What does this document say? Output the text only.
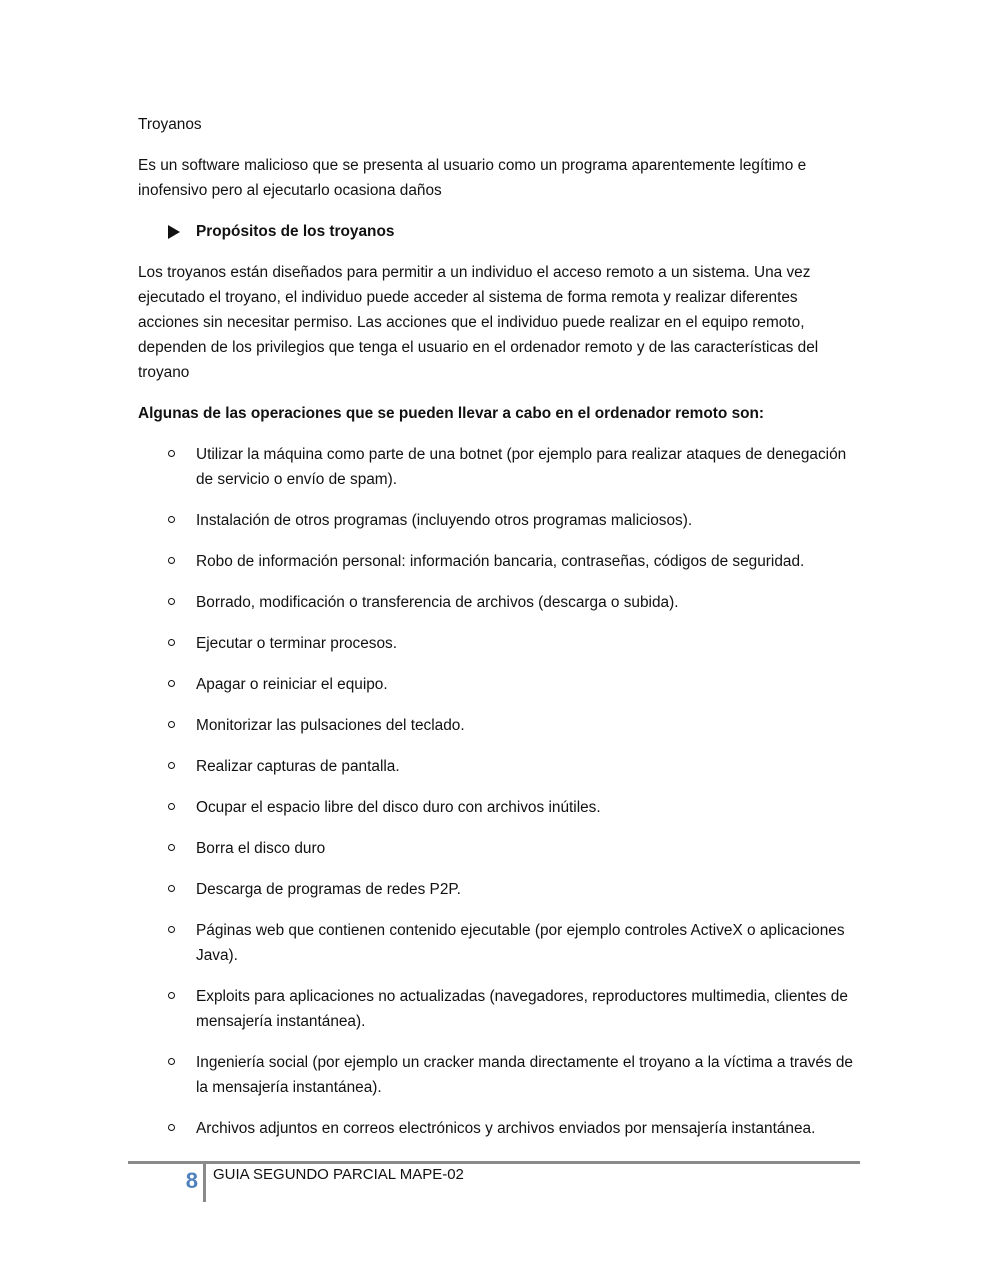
Troyanos

Es un software malicioso que se presenta al usuario como un programa aparentemente legítimo e inofensivo pero al ejecutarlo ocasiona daños

Propósitos de los troyanos

Los troyanos están diseñados para permitir a un individuo el acceso remoto a un sistema. Una vez ejecutado el troyano, el individuo puede acceder al sistema de forma remota y realizar diferentes acciones sin necesitar permiso. Las acciones que el individuo puede realizar en el equipo remoto, dependen de los privilegios que tenga el usuario en el ordenador remoto y de las características del troyano

Algunas de las operaciones que se pueden llevar a cabo en el ordenador remoto son:

Utilizar la máquina como parte de una botnet (por ejemplo para realizar ataques de denegación de servicio o envío de spam).
Instalación de otros programas (incluyendo otros programas maliciosos).
Robo de información personal: información bancaria, contraseñas, códigos de seguridad.
Borrado, modificación o transferencia de archivos (descarga o subida).
Ejecutar o terminar procesos.
Apagar o reiniciar el equipo.
Monitorizar las pulsaciones del teclado.
Realizar capturas de pantalla.
Ocupar el espacio libre del disco duro con archivos inútiles.
Borra el disco duro
Descarga de programas de redes P2P.
Páginas web que contienen contenido ejecutable (por ejemplo controles ActiveX o aplicaciones Java).
Exploits para aplicaciones no actualizadas (navegadores, reproductores multimedia, clientes de mensajería instantánea).
Ingeniería social (por ejemplo un cracker manda directamente el troyano a la víctima a través de la mensajería instantánea).
Archivos adjuntos en correos electrónicos y archivos enviados por mensajería instantánea.
8 GUIA SEGUNDO PARCIAL MAPE-02
